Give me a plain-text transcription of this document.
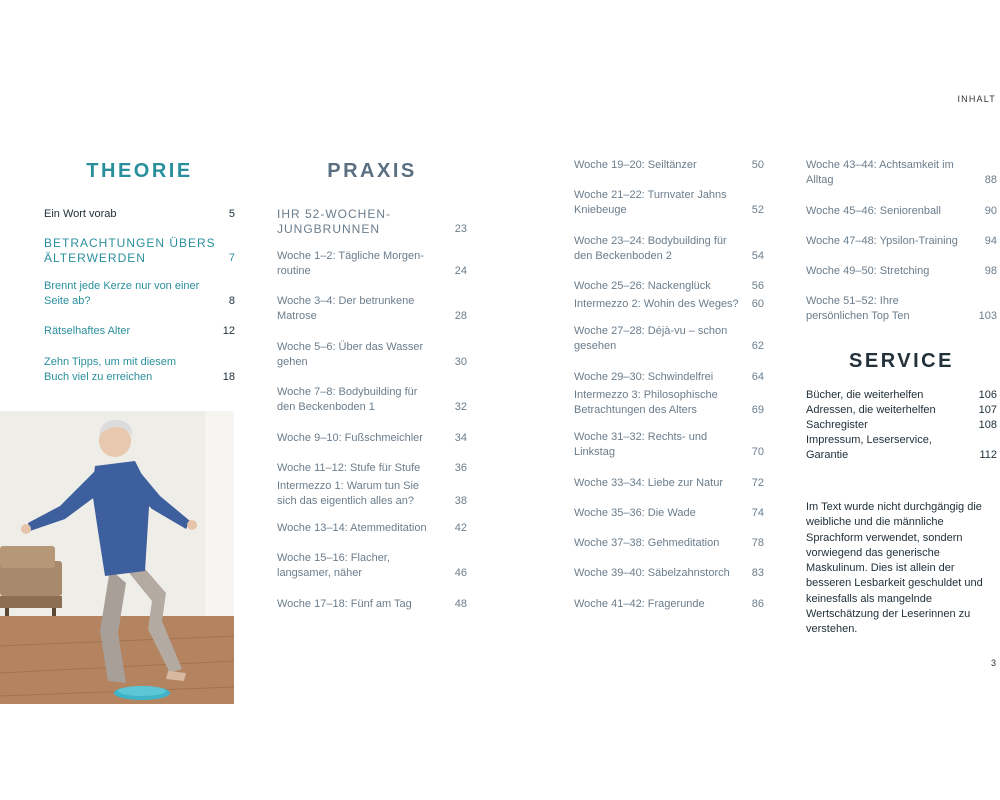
INHALT
3
THEORIE
Ein Wort vorab	5
BETRACHTUNGEN ÜBERS ÄLTERWERDEN	7
Brennt jede Kerze nur von einer Seite ab?	8
Rätselhaftes Alter	12
Zehn Tipps, um mit diesem Buch viel zu erreichen	18
PRAXIS
IHR 52-WOCHEN-JUNGBRUNNEN	23
Woche 1–2: Tägliche Morgen-routine	24
Woche 3–4: Der betrunkene Matrose	28
Woche 5–6: Über das Wasser gehen	30
Woche 7–8: Bodybuilding für den Beckenboden 1	32
Woche 9–10: Fußschmeichler	34
Woche 11–12: Stufe für Stufe	36
Intermezzo 1: Warum tun Sie sich das eigentlich alles an?	38
Woche 13–14: Atemmeditation	42
Woche 15–16: Flacher, langsamer, näher	46
Woche 17–18: Fünf am Tag	48
Woche 19–20: Seiltänzer	50
Woche 21–22: Turnvater Jahns Kniebeuge	52
Woche 23–24: Bodybuilding für den Beckenboden 2	54
Woche 25–26: Nackenglück	56
Intermezzo 2: Wohin des Weges?	60
Woche 27–28: Déjà-vu – schon gesehen	62
Woche 29–30: Schwindelfrei	64
Intermezzo 3: Philosophische Betrachtungen des Alters	69
Woche 31–32: Rechts- und Linkstag	70
Woche 33–34: Liebe zur Natur	72
Woche 35–36: Die Wade	74
Woche 37–38: Gehmeditation	78
Woche 39–40: Säbelzahnstorch	83
Woche 41–42: Fragerunde	86
Woche 43–44: Achtsamkeit im Alltag	88
Woche 45–46: Seniorenball	90
Woche 47–48: Ypsilon-Training	94
Woche 49–50: Stretching	98
Woche 51–52: Ihre persönlichen Top Ten	103
SERVICE
Bücher, die weiterhelfen	106
Adressen, die weiterhelfen	107
Sachregister	108
Impressum, Leserservice, Garantie	112

Im Text wurde nicht durchgängig die weibliche und die männliche Sprachform verwendet, sondern vorwiegend das generische Maskulinum. Dies ist allein der besseren Lesbarkeit geschuldet und keinesfalls als mangelnde Wertschätzung der Leserinnen zu verstehen.
